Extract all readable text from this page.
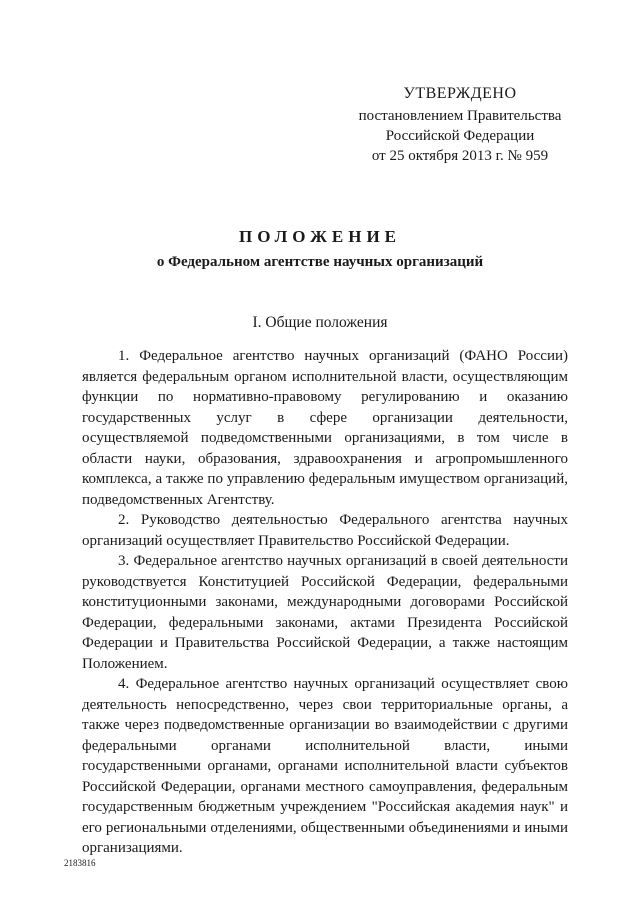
УТВЕРЖДЕНО
постановлением Правительства
Российской Федерации
от 25 октября 2013 г. № 959
ПОЛОЖЕНИЕ
о Федеральном агентстве научных организаций
I. Общие положения

1. Федеральное агентство научных организаций (ФАНО России) является федеральным органом исполнительной власти, осуществляющим функции по нормативно-правовому регулированию и оказанию государственных услуг в сфере организации деятельности, осуществляемой подведомственными организациями, в том числе в области науки, образования, здравоохранения и агропромышленного комплекса, а также по управлению федеральным имуществом организаций, подведомственных Агентству.

2. Руководство деятельностью Федерального агентства научных организаций осуществляет Правительство Российской Федерации.

3. Федеральное агентство научных организаций в своей деятельности руководствуется Конституцией Российской Федерации, федеральными конституционными законами, международными договорами Российской Федерации, федеральными законами, актами Президента Российской Федерации и Правительства Российской Федерации, а также настоящим Положением.

4. Федеральное агентство научных организаций осуществляет свою деятельность непосредственно, через свои территориальные органы, а также через подведомственные организации во взаимодействии с другими федеральными органами исполнительной власти, иными государственными органами, органами исполнительной власти субъектов Российской Федерации, органами местного самоуправления, федеральным государственным бюджетным учреждением "Российская академия наук" и его региональными отделениями, общественными объединениями и иными организациями.

2183816
